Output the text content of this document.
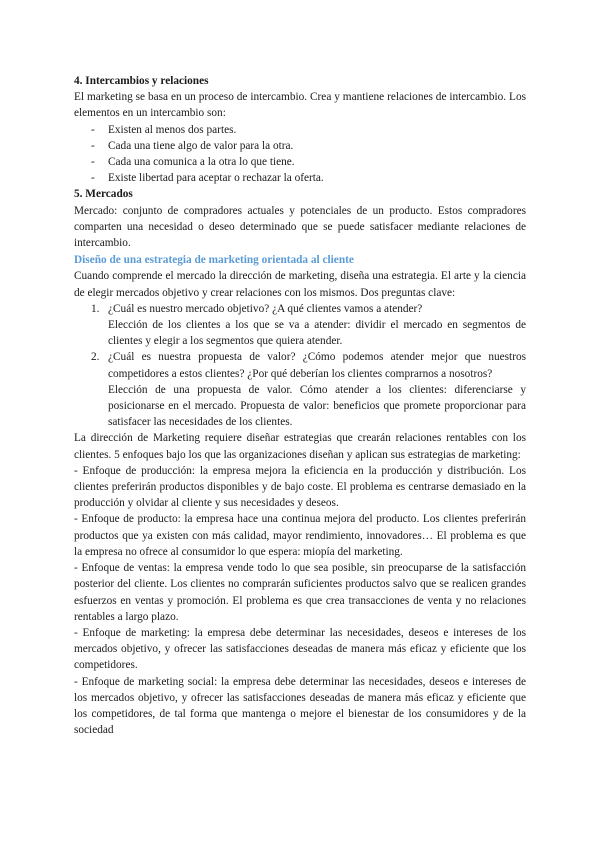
4. Intercambios y relaciones

El marketing se basa en un proceso de intercambio. Crea y mantiene relaciones de intercambio. Los elementos en un intercambio son:

- Existen al menos dos partes.
- Cada una tiene algo de valor para la otra.
- Cada una comunica a la otra lo que tiene.
- Existe libertad para aceptar o rechazar la oferta.

5. Mercados

Mercado: conjunto de compradores actuales y potenciales de un producto. Estos compradores comparten una necesidad o deseo determinado que se puede satisfacer mediante relaciones de intercambio.

Diseño de una estrategia de marketing orientada al cliente

Cuando comprende el mercado la dirección de marketing, diseña una estrategia. El arte y la ciencia de elegir mercados objetivo y crear relaciones con los mismos. Dos preguntas clave:

1. ¿Cuál es nuestro mercado objetivo? ¿A qué clientes vamos a atender?
Elección de los clientes a los que se va a atender: dividir el mercado en segmentos de clientes y elegir a los segmentos que quiera atender.
2. ¿Cuál es nuestra propuesta de valor? ¿Cómo podemos atender mejor que nuestros competidores a estos clientes? ¿Por qué deberían los clientes comprarnos a nosotros?
Elección de una propuesta de valor. Cómo atender a los clientes: diferenciarse y posicionarse en el mercado. Propuesta de valor: beneficios que promete proporcionar para satisfacer las necesidades de los clientes.

La dirección de Marketing requiere diseñar estrategias que crearán relaciones rentables con los clientes. 5 enfoques bajo los que las organizaciones diseñan y aplican sus estrategias de marketing:

- Enfoque de producción: la empresa mejora la eficiencia en la producción y distribución. Los clientes preferirán productos disponibles y de bajo coste. El problema es centrarse demasiado en la producción y olvidar al cliente y sus necesidades y deseos.

- Enfoque de producto: la empresa hace una continua mejora del producto. Los clientes preferirán productos que ya existen con más calidad, mayor rendimiento, innovadores… El problema es que la empresa no ofrece al consumidor lo que espera: miopía del marketing.

- Enfoque de ventas: la empresa vende todo lo que sea posible, sin preocuparse de la satisfacción posterior del cliente. Los clientes no comprarán suficientes productos salvo que se realicen grandes esfuerzos en ventas y promoción. El problema es que crea transacciones de venta y no relaciones rentables a largo plazo.

- Enfoque de marketing: la empresa debe determinar las necesidades, deseos e intereses de los mercados objetivo, y ofrecer las satisfacciones deseadas de manera más eficaz y eficiente que los competidores.

- Enfoque de marketing social: la empresa debe determinar las necesidades, deseos e intereses de los mercados objetivo, y ofrecer las satisfacciones deseadas de manera más eficaz y eficiente que los competidores, de tal forma que mantenga o mejore el bienestar de los consumidores y de la sociedad
